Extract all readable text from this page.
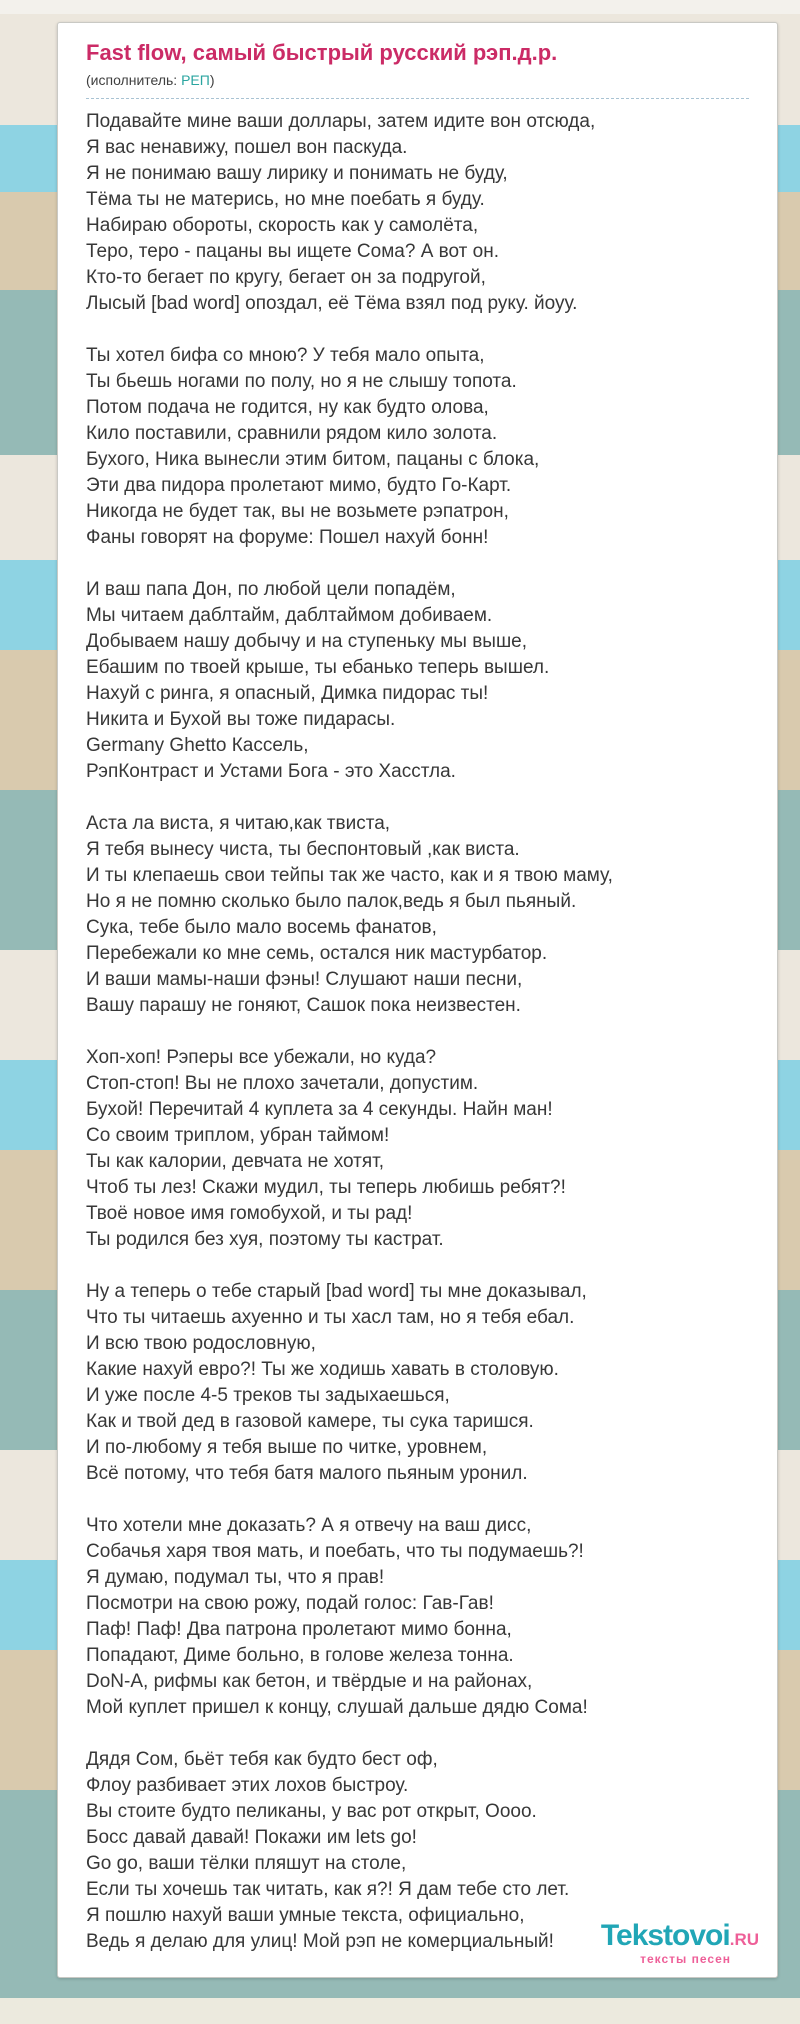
Fast flow, самый быстрый русский рэп.д.р.

(исполнитель: РЕП)

Подавайте мине ваши доллары, затем идите вон отсюда,
Я вас ненавижу, пошел вон паскуда.
Я не понимаю вашу лирику и понимать не буду,
Тёма ты не матерись, но мне поебать я буду.
Набираю обороты, скорость как у самолёта,
Теро, теро - пацаны вы ищете Сома? А вот он.
Кто-то бегает по кругу, бегает он за подругой,
Лысый [bad word] опоздал, её Тёма взял под руку. йоуу.

Ты хотел бифа со мною? У тебя мало опыта,
Ты бьешь ногами по полу, но я не слышу топота.
Потом подача не годится, ну как будто олова,
Кило поставили, сравнили рядом кило золота.
Бухого, Ника вынесли этим битом, пацаны с блока,
Эти два пидора пролетают мимо, будто Го-Карт.
Никогда не будет так, вы не возьмете рэпатрон,
Фаны говорят на форуме: Пошел нахуй бонн!

И ваш папа Дон, по любой цели попадём,
Мы читаем даблтайм, даблтаймом добиваем.
Добываем нашу добычу и на ступеньку мы выше,
Ебашим по твоей крыше, ты ебанько теперь вышел.
Нахуй с ринга, я опасный, Димка пидорас ты!
Никита и Бухой вы тоже пидарасы.
Germany Ghetto Кассель,
РэпКонтраст и Устами Бога - это Хасстла.

Аста ла виста, я читаю,как твиста,
Я тебя вынесу чиста, ты беспонтовый ,как виста.
И ты клепаешь свои тейпы так же часто, как и я твою маму,
Но я не помню сколько было палок,ведь я был пьяный.
Сука, тебе было мало восемь фанатов,
Перебежали ко мне семь, остался ник мастурбатор.
И ваши мамы-наши фэны! Слушают наши песни,
Вашу парашу не гоняют, Сашок пока неизвестен.

Хоп-хоп! Рэперы все убежали, но куда?
Стоп-стоп! Вы не плохо зачетали, допустим.
Бухой! Перечитай 4 куплета за 4 секунды. Найн ман!
Со своим триплом, убран таймом!
Ты как калории, девчата не хотят,
Чтоб ты лез! Скажи мудил, ты теперь любишь ребят?!
Твоё новое имя гомобухой, и ты рад!
Ты родился без хуя, поэтому ты кастрат.

Ну а теперь о тебе старый [bad word] ты мне доказывал,
Что ты читаешь ахуенно и ты хасл там, но я тебя ебал.
И всю твою родословную,
Какие нахуй евро?! Ты же ходишь хавать в столовую.
И уже после 4-5 треков ты задыхаешься,
Как и твой дед в газовой камере, ты сука таришся.
И по-любому я тебя выше по читке, уровнем,
Всё потому, что тебя батя малого пьяным уронил.

Что хотели мне доказать? А я отвечу на ваш дисс,
Собачья харя твоя мать, и поебать, что ты подумаешь?!
Я думаю, подумал ты, что я прав!
Посмотри на свою рожу, подай голос: Гав-Гав!
Паф! Паф! Два патрона пролетают мимо бонна,
Попадают, Диме больно, в голове железа тонна.
DoN-A, рифмы как бетон, и твёрдые и на районах,
Мой куплет пришел к концу, слушай дальше дядю Сома!

Дядя Сом, бьёт тебя как будто бест оф,
Флоу разбивает этих лохов быстроу.
Вы стоите будто пеликаны, у вас рот открыт, Оооо.
Босс давай давай! Покажи им lets go!
Go go, ваши тёлки пляшут на столе,
Если ты хочешь так читать, как я?! Я дам тебе сто лет.
Я пошлю нахуй ваши умные текста, официально,
Ведь я делаю для улиц! Мой рэп не комерциальный!	Tekstovoi.RU
тексты песен
